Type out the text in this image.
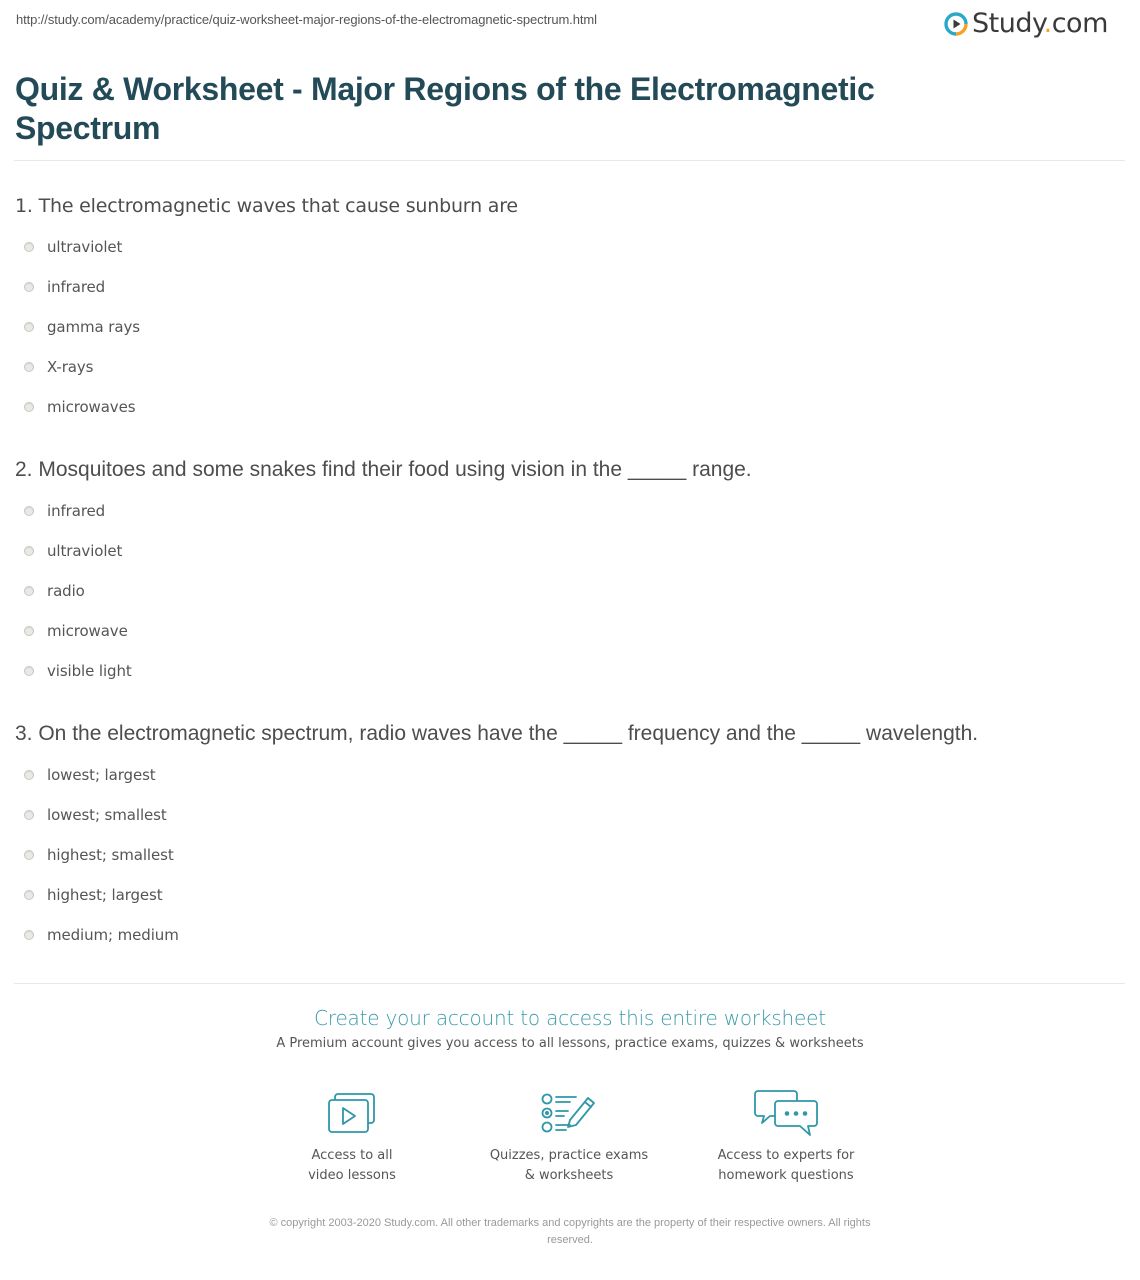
http://study.com/academy/practice/quiz-worksheet-major-regions-of-the-electromagnetic-spectrum.html	Study.com
Quiz & Worksheet - Major Regions of the Electromagnetic Spectrum
1. The electromagnetic waves that cause sunburn are
ultraviolet
infrared
gamma rays
X-rays
microwaves
2. Mosquitoes and some snakes find their food using vision in the _____ range.
infrared
ultraviolet
radio
microwave
visible light
3. On the electromagnetic spectrum, radio waves have the _____ frequency and the _____ wavelength.
lowest; largest
lowest; smallest
highest; smallest
highest; largest
medium; medium
Create your account to access this entire worksheet
A Premium account gives you access to all lessons, practice exams, quizzes & worksheets
Access to all
video lessons
Quizzes, practice exams
& worksheets
Access to experts for
homework questions
© copyright 2003-2020 Study.com. All other trademarks and copyrights are the property of their respective owners. All rights
reserved.
